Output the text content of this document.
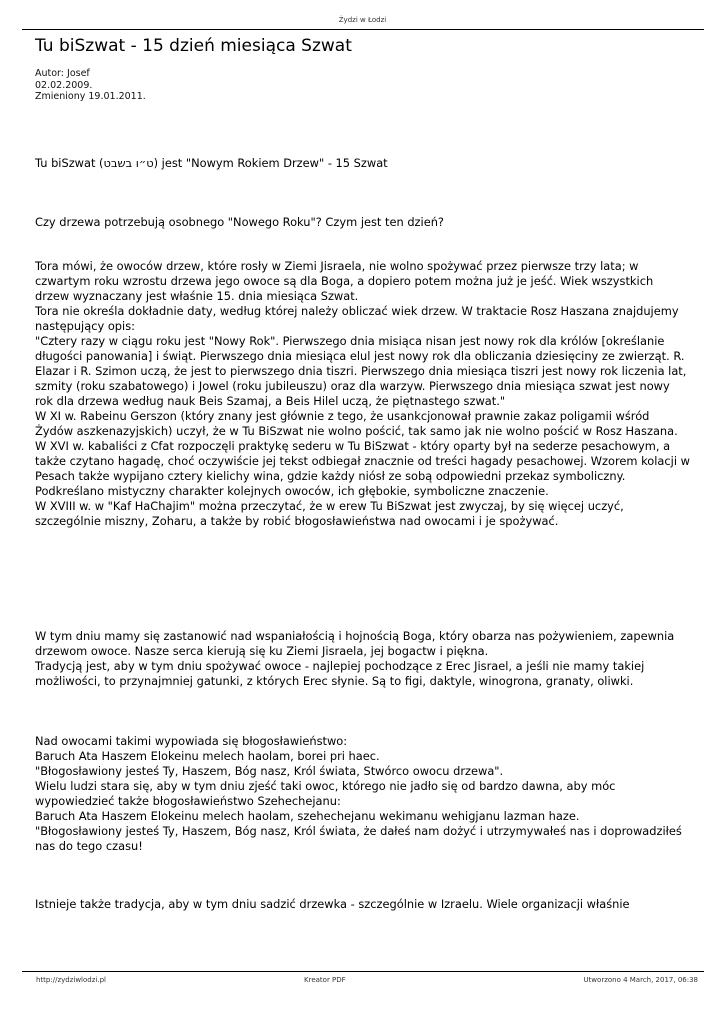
Żydzi w Łodzi
Tu biSzwat - 15 dzień miesiąca Szwat
Autor: Josef
02.02.2009.
Zmieniony 19.01.2011.

Tu biSzwat (ט״ו בשבט) jest "Nowym Rokiem Drzew" - 15 Szwat

Czy drzewa potrzebują osobnego "Nowego Roku"? Czym jest ten dzień?

Tora mówi, że owoców drzew, które rosły w Ziemi Jisraela, nie wolno spożywać przez pierwsze trzy lata; w czwartym roku wzrostu drzewa jego owoce są dla Boga, a dopiero potem można już je jeść. Wiek wszystkich drzew wyznaczany jest właśnie 15. dnia miesiąca Szwat.

Tora nie określa dokładnie daty, według której należy obliczać wiek drzew. W traktacie Rosz Haszana znajdujemy następujący opis:

"Cztery razy w ciągu roku jest "Nowy Rok". Pierwszego dnia misiąca nisan jest nowy rok dla królów [określanie długości panowania] i świąt. Pierwszego dnia miesiąca elul jest nowy rok dla obliczania dziesięciny ze zwierząt. R. Elazar i R. Szimon uczą, że jest to pierwszego dnia tiszri. Pierwszego dnia miesiąca tiszri jest nowy rok liczenia lat, szmity (roku szabatowego) i Jowel (roku jubileuszu) oraz dla warzyw. Pierwszego dnia miesiąca szwat jest nowy rok dla drzewa według nauk Beis Szamaj, a Beis Hilel uczą, że piętnastego szwat."

W XI w. Rabeinu Gerszon (który znany jest głównie z tego, że usankcjonował prawnie zakaz poligamii wśród Żydów aszkenazyjskich) uczył, że w Tu BiSzwat nie wolno pościć, tak samo jak nie wolno pościć w Rosz Haszana.

W XVI w. kabaliści z Cfat rozpoczęli praktykę sederu w Tu BiSzwat - który oparty był na sederze pesachowym, a także czytano hagadę, choć oczywiście jej tekst odbiegał znacznie od treści hagady pesachowej. Wzorem kolacji w Pesach także wypijano cztery kielichy wina, gdzie każdy niósł ze sobą odpowiedni przekaz symboliczny. Podkreślano mistyczny charakter kolejnych owoców, ich głębokie, symboliczne znaczenie.

W XVIII w. w "Kaf HaChajim" można przeczytać, że w erew Tu BiSzwat jest zwyczaj, by się więcej uczyć, szczególnie miszny, Zoharu, a także by robić błogosławieństwa nad owocami i je spożywać.

W tym dniu mamy się zastanowić nad wspaniałością i hojnością Boga, który obarza nas pożywieniem, zapewnia drzewom owoce. Nasze serca kierują się ku Ziemi Jisraela, jej bogactw i piękna.

Tradycją jest, aby w tym dniu spożywać owoce - najlepiej pochodzące z Erec Jisrael, a jeśli nie mamy takiej możliwości, to przynajmniej gatunki, z których Erec słynie. Są to figi, daktyle, winogrona, granaty, oliwki.

Nad owocami takimi wypowiada się błogosławieństwo:

Baruch Ata Haszem Elokeinu melech haolam, borei pri haec.

"Błogosławiony jesteś Ty, Haszem, Bóg nasz, Król świata, Stwórco owocu drzewa".

Wielu ludzi stara się, aby w tym dniu zjeść taki owoc, którego nie jadło się od bardzo dawna, aby móc wypowiedzieć także błogosławieństwo Szehechejanu:

Baruch Ata Haszem Elokeinu melech haolam, szehechejanu wekimanu wehigjanu lazman haze.

"Błogosławiony jesteś Ty, Haszem, Bóg nasz, Król świata, że dałeś nam dożyć i utrzymywałeś nas i doprowadziłeś nas do tego czasu!

Istnieje także tradycja, aby w tym dniu sadzić drzewka - szczególnie w Izraelu. Wiele organizacji właśnie

http://zydziwlodzi.pl	Kreator PDF	Utworzono 4 March, 2017, 06:38
